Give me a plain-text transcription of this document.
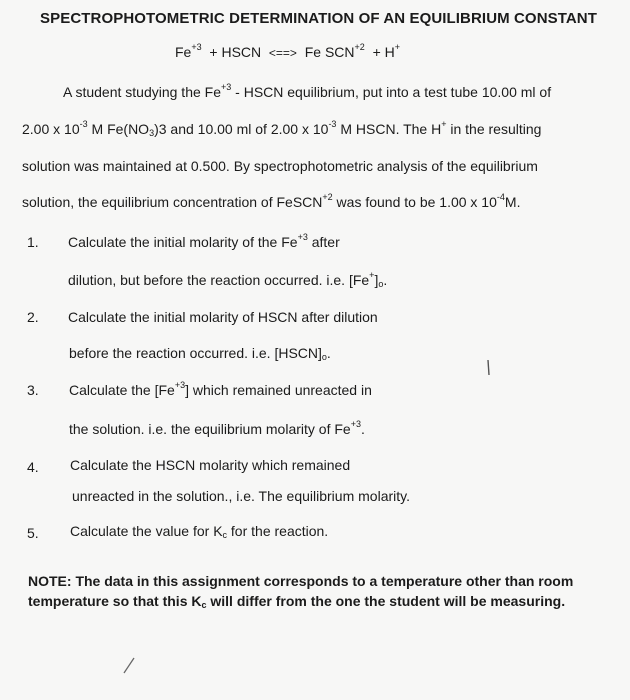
SPECTROPHOTOMETRIC DETERMINATION OF AN EQUILIBRIUM CONSTANT
$Fe^{+3}$ + HSCN <==> Fe $SCN^{+2} + H^+$
A student studying the $Fe^{+3}$ - HSCN equilibrium, put into a test tube 10.00 ml of
2.00 x $10^{-3}$ M $Fe(NO_3)3$ and 10.00 ml of 2.00 x $10^{-3}$ M HSCN. The H+ in the resulting
solution was maintained at 0.500. By spectrophotometric analysis of the equilibrium
solution, the equilibrium concentration of FeSCN$^{+2}$ was found to be 1.00 x $10^{-4}M$.
1. Calculate the initial molarity of the $Fe^{+3}$ after
dilution, but before the reaction occurred. i.e. $[Fe^+]_o$.
2. Calculate the initial molarity of HSCN after dilution
before the reaction occurred. i.e. $[HSCN]_o$.
3. Calculate the $[Fe^{+3}]$ which remained unreacted in
the solution. i.e. the equilibrium molarity of $Fe^{+3}$.
4. Calculate the HSCN molarity which remained
unreacted in the solution., i.e. The equilibrium molarity.
5. Calculate the value for $K_c$ for the reaction.
NOTE: The data in this assignment corresponds to a temperature other than room temperature so that this $K_c$ will differ from the one the student will be measuring.
